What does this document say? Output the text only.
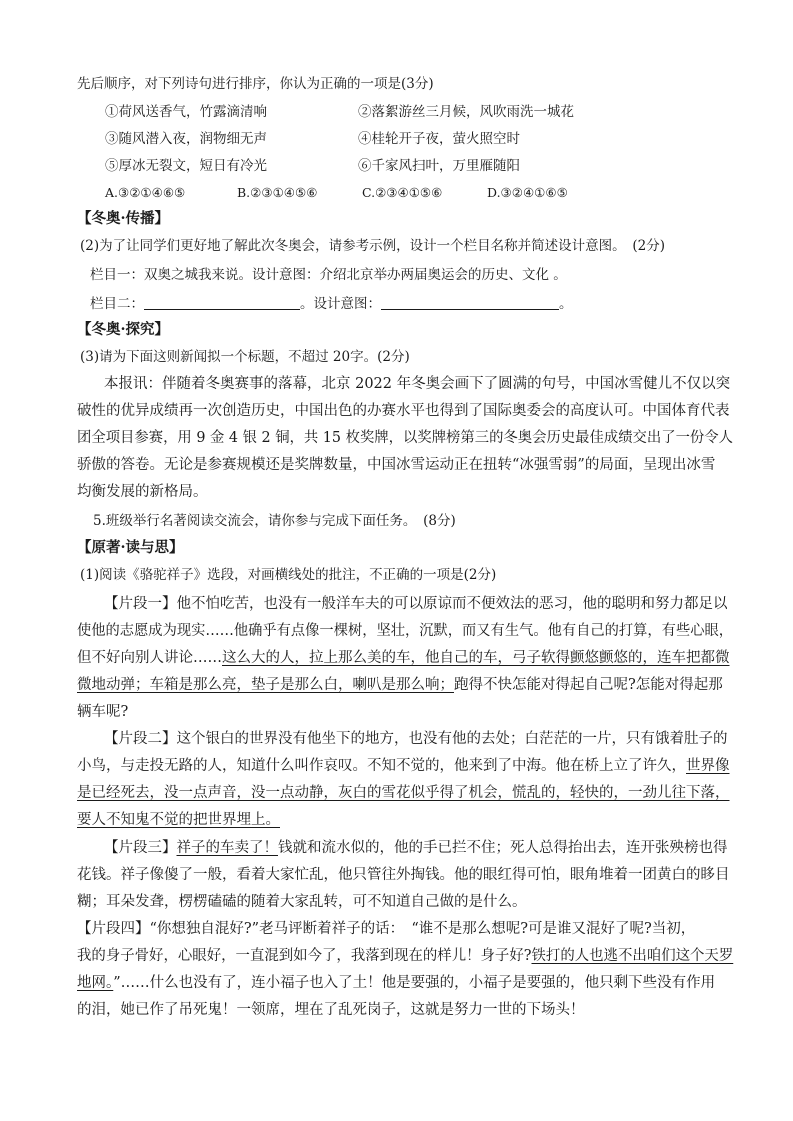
先后顺序，对下列诗句进行排序，你认为正确的一项是(3分)
①荷风送香气，竹露滴清响	②落絮游丝三月候，风吹雨洗一城花
③随风潜入夜，润物细无声	④桂轮开子夜，萤火照空时
⑤厚冰无裂文，短日有冷光	⑥千家风扫叶，万里雁随阳
A.③②①④⑥⑤	B.②③①④⑤⑥	C.②③④①⑤⑥	D.③②④①⑥⑤
【冬奥·传播】
(2)为了让同学们更好地了解此次冬奥会，请参考示例，设计一个栏目名称并简述设计意图。　(2分)
栏目一：双奥之城我来说。设计意图：介绍北京举办两届奥运会的历史、文化 。
栏目二：	。设计意图：	。
【冬奥·探究】
(3)请为下面这则新闻拟一个标题，不超过 20字。(2分)
本报讯：伴随着冬奥赛事的落幕，北京 2022 年冬奥会画下了圆满的句号，中国冰雪健儿不仅以突
破性的优异成绩再一次创造历史，中国出色的办赛水平也得到了国际奥委会的高度认可。中国体育代表
团全项目参赛，用 9 金 4 银 2 铜，共 15 枚奖牌，以奖牌榜第三的冬奥会历史最佳成绩交出了一份令人
骄傲的答卷。无论是参赛规模还是奖牌数量，中国冰雪运动正在扭转“冰强雪弱”的局面，呈现出冰雪
均衡发展的新格局。
5.班级举行名著阅读交流会，请你参与完成下面任务。　(8分)
【原著·读与思】
(1)阅读《骆驼祥子》选段，对画横线处的批注，不正确的一项是(2分)
【片段一】他不怕吃苦，也没有一般洋车夫的可以原谅而不便效法的恶习，他的聪明和努力都足以
使他的志愿成为现实……他确乎有点像一棵树，坚壮，沉默，而又有生气。他有自己的打算，有些心眼，
但不好向别人讲论……这么大的人，拉上那么美的车，他自己的车，弓子软得颤悠颤悠的，连车把都微
微地动弹；车箱是那么亮，垫子是那么白，喇叭是那么响；跑得不快怎能对得起自己呢?怎能对得起那
辆车呢?
【片段二】这个银白的世界没有他坐下的地方，也没有他的去处；白茫茫的一片，只有饿着肚子的
小鸟，与走投无路的人，知道什么叫作哀叹。不知不觉的，他来到了中海。他在桥上立了许久，世界像
是已经死去，没一点声音，没一点动静，灰白的雪花似乎得了机会，慌乱的，轻快的，一劲儿往下落，
要人不知鬼不觉的把世界埋上。
【片段三】祥子的车卖了！钱就和流水似的，他的手已拦不住；死人总得抬出去，连开张殃榜也得
花钱。祥子像傻了一般，看着大家忙乱，他只管往外掏钱。他的眼红得可怕，眼角堆着一团黄白的眵目
糊；耳朵发聋，楞楞磕磕的随着大家乱转，可不知道自己做的是什么。
【片段四】“你想独自混好?”老马评断着祥子的话：　“谁不是那么想呢?可是谁又混好了呢?当初，
我的身子骨好，心眼好，一直混到如今了，我落到现在的样儿！身子好?铁打的人也逃不出咱们这个天罗
地网。”……什么也没有了，连小福子也入了土！他是要强的，小福子是要强的，他只剩下些没有作用
的泪，她已作了吊死鬼！一领席，埋在了乱死岗子，这就是努力一世的下场头！
